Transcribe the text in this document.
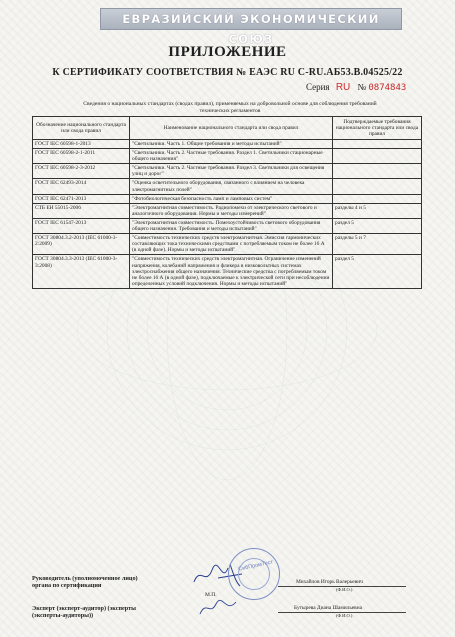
ЕВРАЗИЙСКИЙ ЭКОНОМИЧЕСКИЙ СОЮЗ
ПРИЛОЖЕНИЕ
К СЕРТИФИКАТУ СООТВЕТСТВИЯ № ЕАЭС RU С-RU.АБ53.В.04525/22
Серия RU № 0874843
Сведения о национальных стандартах (сводах правил), применяемых на добровольной основе для соблюдения требований технических регламентов
Обозначение национального стандарта или свода правил	Наименование национального стандарта или свода правил	Подтверждаемые требования национального стандарта или свода правил
ГОСТ IEC 60598-1-2013	"Светильники. Часть 1. Общие требования и методы испытаний"	
ГОСТ IEC 60598-2-1-2011	"Светильники. Часть 2. Частные требования. Раздел 1. Светильники стационарные общего назначения"	
ГОСТ IEC 60598-2-3-2012	"Светильники. Часть 2. Частные требования. Раздел 3. Светильники для освещения улиц и дорог"	
ГОСТ IEC 62493-2014	"Оценка осветительного оборудования, связанного с влиянием на человека электромагнитных полей"	
ГОСТ IEC 62471-2013	"Фотобиологическая безопасность ламп и ламповых систем"	
СТБ ЕН 55015-2006	"Электромагнитная совместимость. Радиопомехи от электрического светового и аналогичного оборудования. Нормы и методы измерений"	разделы 4 и 5
ГОСТ IEC 61547-2013	"Электромагнитная совместимость. Помехоустойчивость светового оборудования общего назначения. Требования и методы испытаний"	раздел 5
ГОСТ 30804.3.2-2013 (IEC 61000-3-2:2009)	"Совместимость технических средств электромагнитная. Эмиссия гармонических составляющих тока техническими средствами с потребляемым током не более 16 А (в одной фазе). Нормы и методы испытаний"	разделы 5 и 7
ГОСТ 30804.3.3-2013 (IEC 61000-3-3:2008)	"Совместимость технических средств электромагнитная. Ограничение изменений напряжения, колебаний напряжения и фликера в низковольтных системах электроснабжения общего назначения. Технические средства с потребляемым током не более 16 А (в одной фазе), подключаемые к электрической сети при несоблюдении определенных условий подключения. Нормы и методы испытаний"	раздел 5
Руководитель (уполномоченное лицо) органа по сертификации
СибПромТест
Михайлов Игорь Валерьевич
(Ф.И.О.)
М.П.
Эксперт (эксперт-аудитор) (эксперты (эксперты-аудиторы))
Бутырева Диана Шамильевна
(Ф.И.О.)
